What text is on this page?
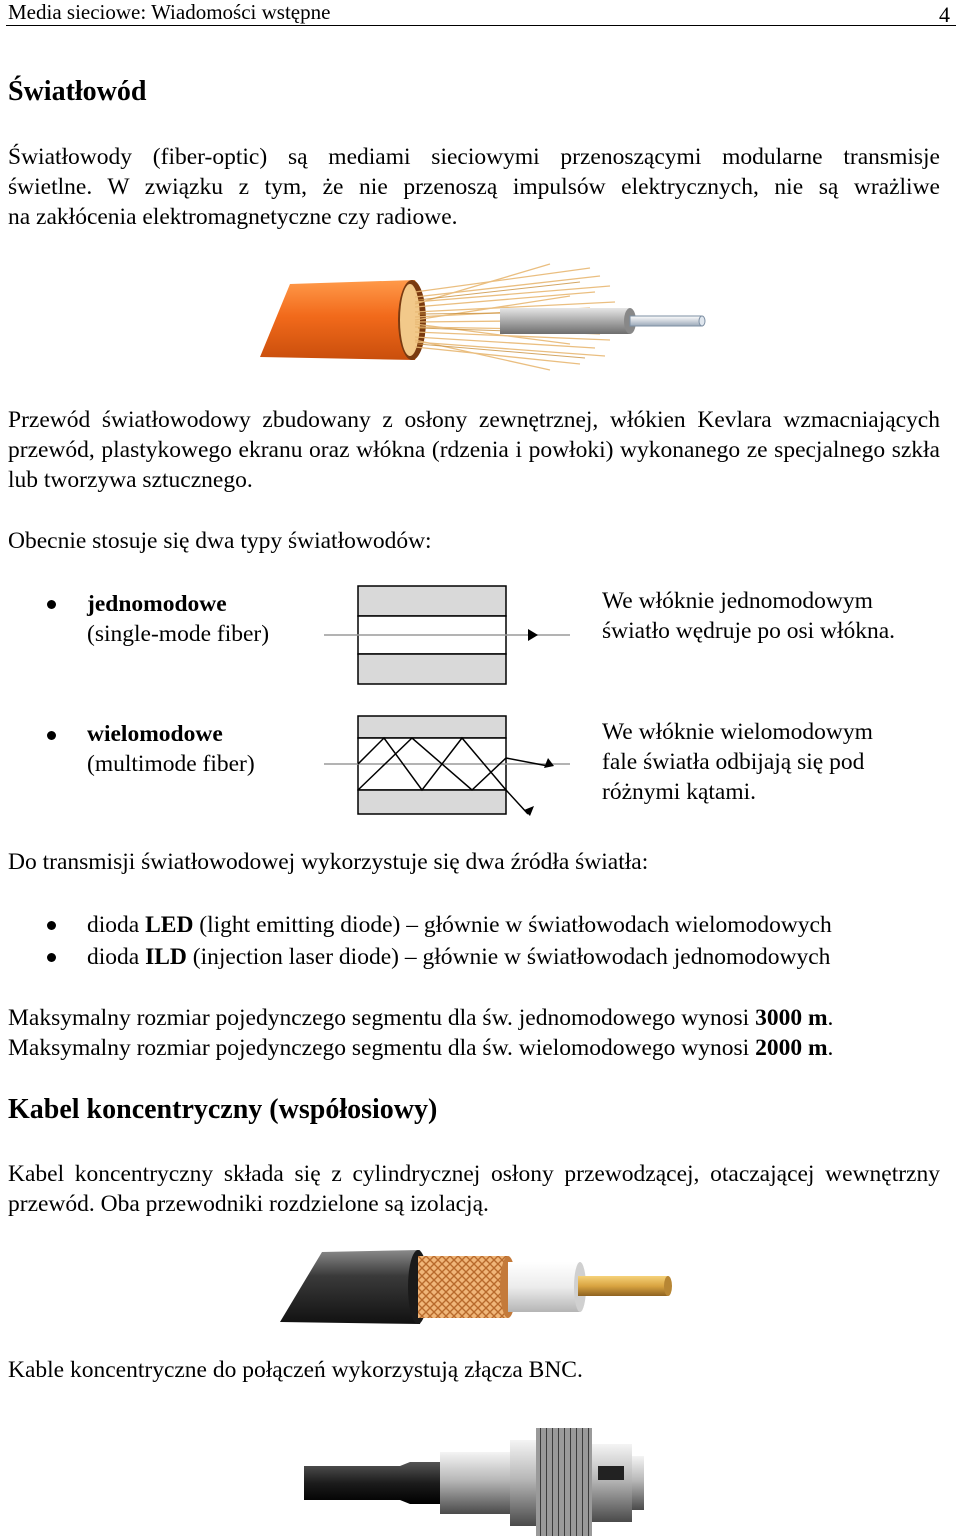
Media sieciowe: Wiadomości wstępne	4
Światłowód
Światłowody (fiber-optic) są mediami sieciowymi przenoszącymi modularne transmisje
świetlne. W związku z tym, że nie przenoszą impulsów elektrycznych, nie są wrażliwe
na zakłócenia elektromagnetyczne czy radiowe.
Przewód światłowodowy zbudowany z osłony zewnętrznej, włókien Kevlara wzmacniających przewód, plastykowego ekranu oraz włókna (rdzenia i powłoki) wykonanego ze specjalnego szkła lub tworzywa sztucznego.
Obecnie stosuje się dwa typy światłowodów:
jednomodowe
(single-mode fiber)
We włóknie jednomodowym
światło wędruje po osi włókna.
wielomodowe
(multimode fiber)
We włóknie wielomodowym
fale światła odbijają się pod
różnymi kątami.
Do transmisji światłowodowej wykorzystuje się dwa źródła światła:
dioda LED (light emitting diode) – głównie w światłowodach wielomodowych
dioda ILD (injection laser diode) – głównie w światłowodach jednomodowych
Maksymalny rozmiar pojedynczego segmentu dla św. jednomodowego wynosi 3000 m.
Maksymalny rozmiar pojedynczego segmentu dla św. wielomodowego wynosi 2000 m.
Kabel koncentryczny (współosiowy)
Kabel koncentryczny składa się z cylindrycznej osłony przewodzącej, otaczającej wewnętrzny przewód. Oba przewodniki rozdzielone są izolacją.
Kable koncentryczne do połączeń wykorzystują złącza BNC.
